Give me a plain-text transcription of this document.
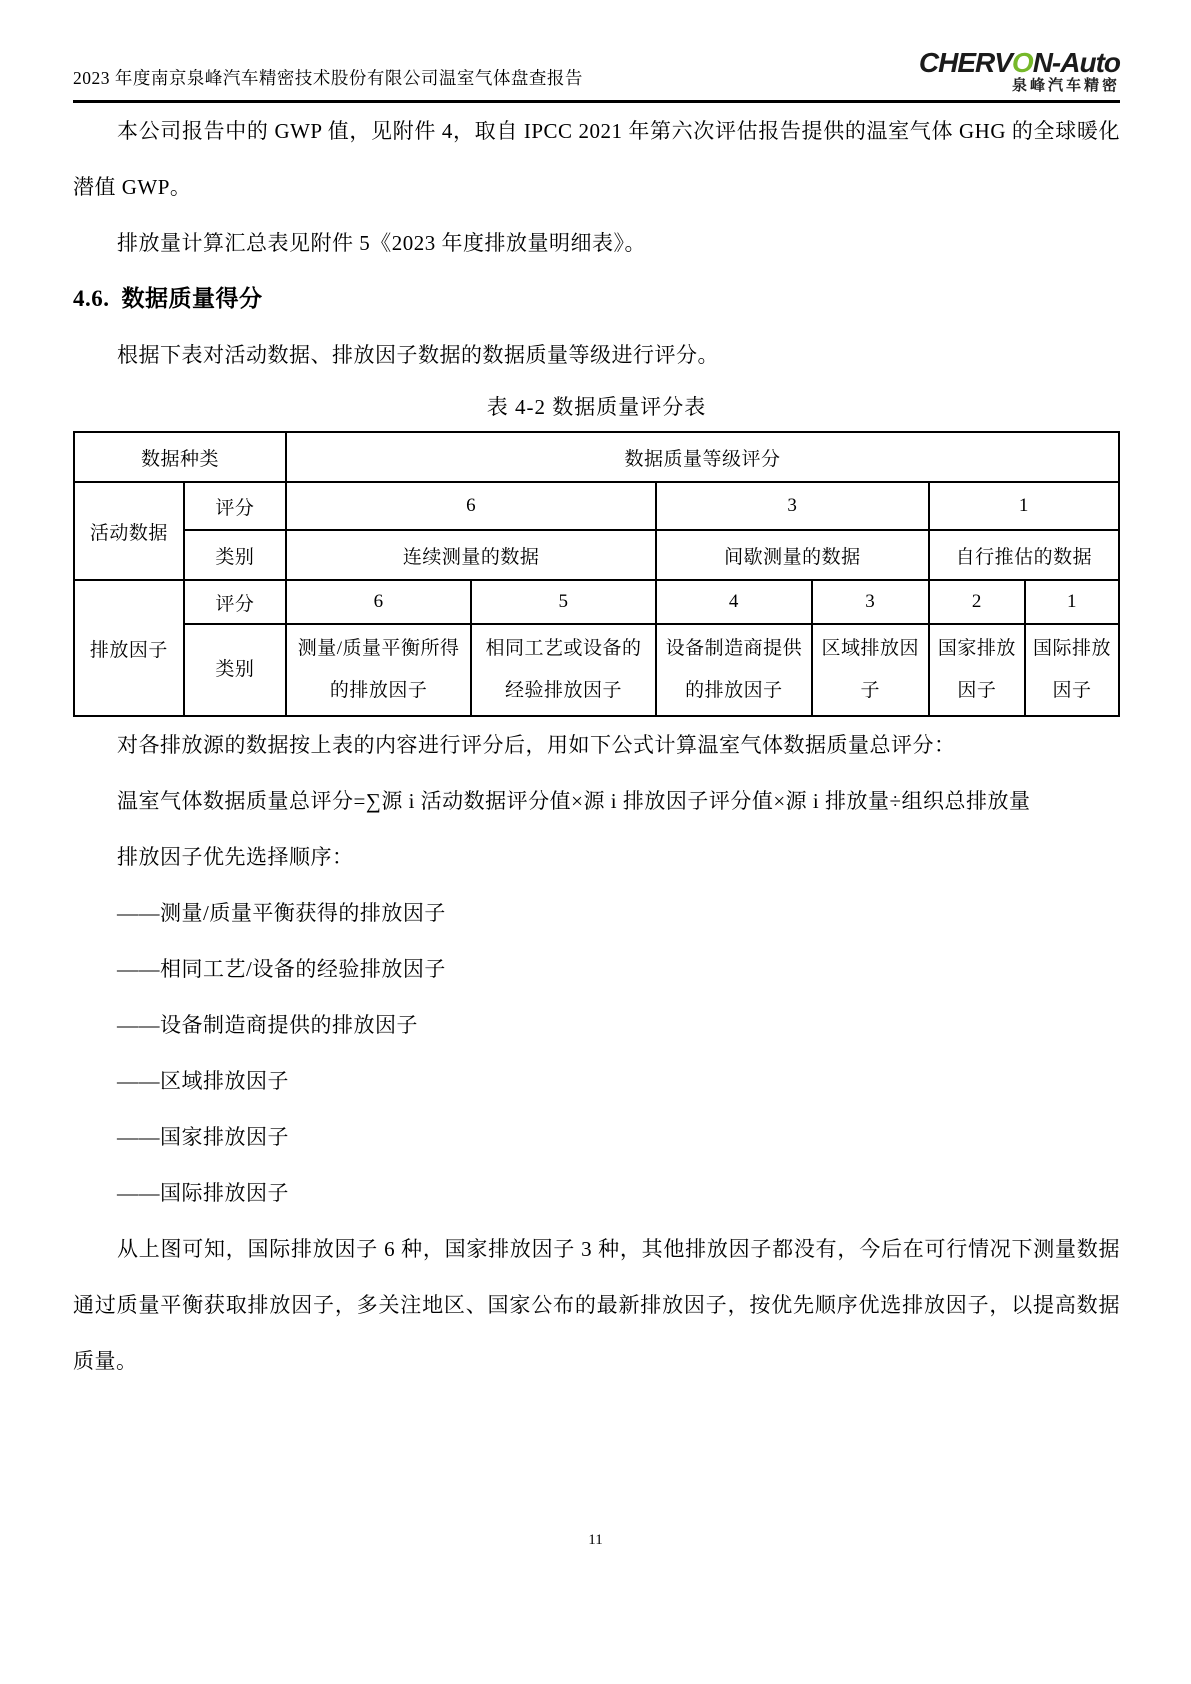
2023 年度南京泉峰汽车精密技术股份有限公司温室气体盘查报告
CHERVON-Auto
泉峰汽车精密

本公司报告中的 GWP 值，见附件 4，取自 IPCC 2021 年第六次评估报告提供的温室气体 GHG 的全球暖化潜值 GWP。

排放量计算汇总表见附件 5《2023 年度排放量明细表》。

4.6. 数据质量得分

根据下表对活动数据、排放因子数据的数据质量等级进行评分。

表 4-2 数据质量评分表

数据种类		数据质量等级评分					
活动数据	评分	6		3		1	
	类别	连续测量的数据		间歇测量的数据		自行推估的数据	
排放因子	评分	6	5	4	3	2	1
	类别	测量/质量平衡所得的排放因子	相同工艺或设备的经验排放因子	设备制造商提供的排放因子	区域排放因子	国家排放因子	国际排放因子

对各排放源的数据按上表的内容进行评分后，用如下公式计算温室气体数据质量总评分：

温室气体数据质量总评分=∑源 i 活动数据评分值×源 i 排放因子评分值×源 i 排放量÷组织总排放量

排放因子优先选择顺序：

——测量/质量平衡获得的排放因子

——相同工艺/设备的经验排放因子

——设备制造商提供的排放因子

——区域排放因子

——国家排放因子

——国际排放因子

从上图可知，国际排放因子 6 种，国家排放因子 3 种，其他排放因子都没有，今后在可行情况下测量数据通过质量平衡获取排放因子，多关注地区、国家公布的最新排放因子，按优先顺序优选排放因子，以提高数据质量。

11
